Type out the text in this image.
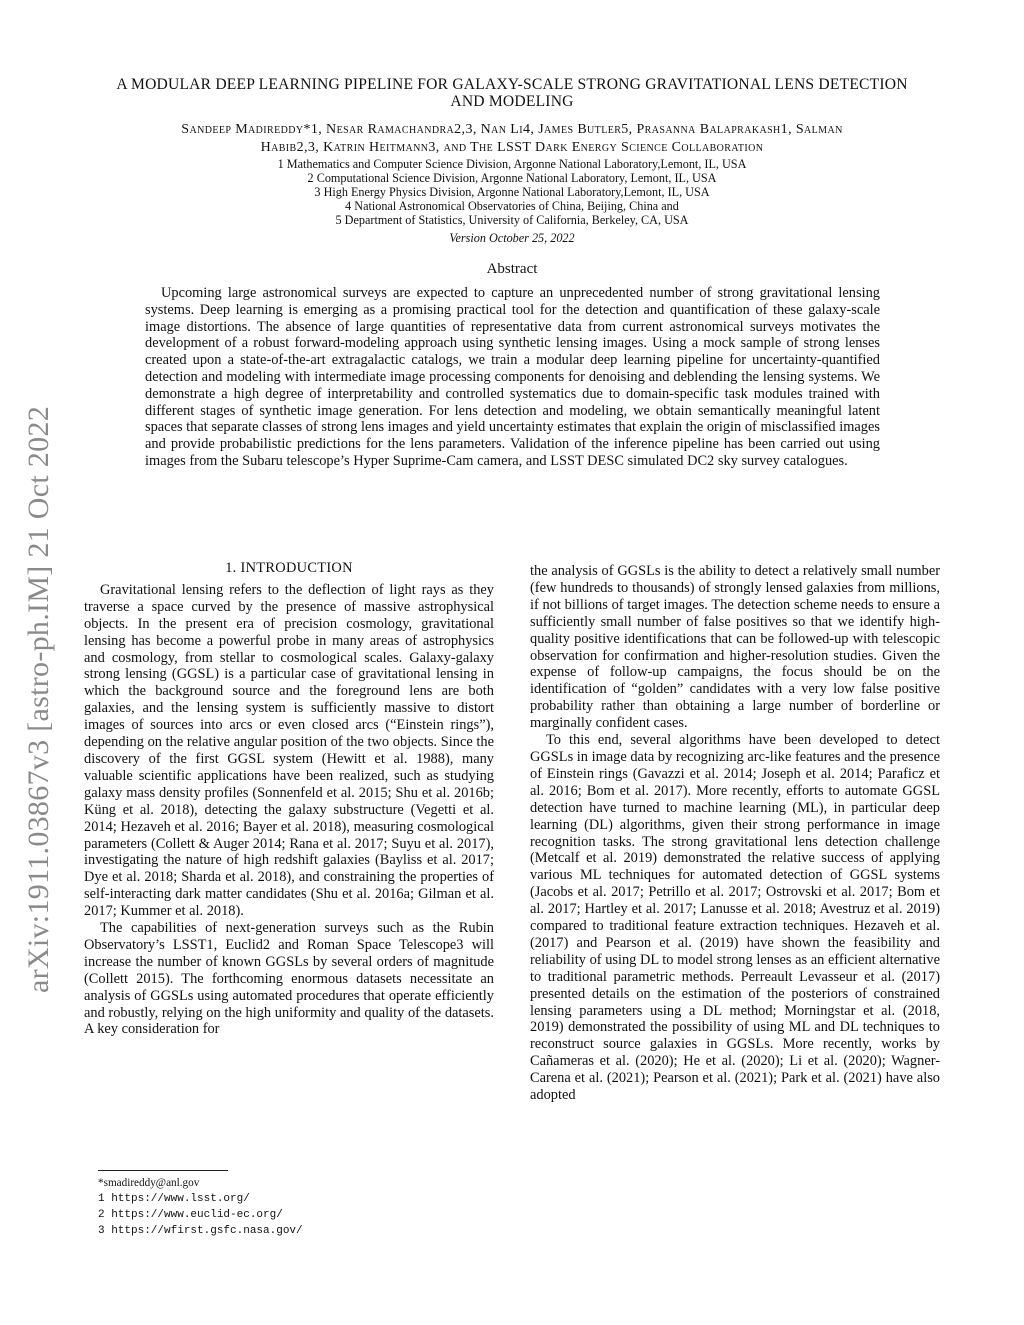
arXiv:1911.03867v3 [astro-ph.IM] 21 Oct 2022
A MODULAR DEEP LEARNING PIPELINE FOR GALAXY-SCALE STRONG GRAVITATIONAL LENS DETECTION AND MODELING
Sandeep Madireddy*1, Nesar Ramachandra2,3, Nan Li4, James Butler5, Prasanna Balaprakash1, Salman
Habib2,3, Katrin Heitmann3, and The LSST Dark Energy Science Collaboration
1 Mathematics and Computer Science Division, Argonne National Laboratory,Lemont, IL, USA
2 Computational Science Division, Argonne National Laboratory, Lemont, IL, USA
3 High Energy Physics Division, Argonne National Laboratory,Lemont, IL, USA
4 National Astronomical Observatories of China, Beijing, China and
5 Department of Statistics, University of California, Berkeley, CA, USA
Version October 25, 2022
Abstract
Upcoming large astronomical surveys are expected to capture an unprecedented number of strong gravitational lensing systems. Deep learning is emerging as a promising practical tool for the detection and quantification of these galaxy-scale image distortions. The absence of large quantities of representative data from current astronomical surveys motivates the development of a robust forward-modeling approach using synthetic lensing images. Using a mock sample of strong lenses created upon a state-of-the-art extragalactic catalogs, we train a modular deep learning pipeline for uncertainty-quantified detection and modeling with intermediate image processing components for denoising and deblending the lensing systems. We demonstrate a high degree of interpretability and controlled systematics due to domain-specific task modules trained with different stages of synthetic image generation. For lens detection and modeling, we obtain semantically meaningful latent spaces that separate classes of strong lens images and yield uncertainty estimates that explain the origin of misclassified images and provide probabilistic predictions for the lens parameters. Validation of the inference pipeline has been carried out using images from the Subaru telescope’s Hyper Suprime-Cam camera, and LSST DESC simulated DC2 sky survey catalogues.
1. INTRODUCTION

Gravitational lensing refers to the deflection of light rays as they traverse a space curved by the presence of massive astrophysical objects. In the present era of precision cosmology, gravitational lensing has become a powerful probe in many areas of astrophysics and cosmology, from stellar to cosmological scales. Galaxy-galaxy strong lensing (GGSL) is a particular case of gravitational lensing in which the background source and the foreground lens are both galaxies, and the lensing system is sufficiently massive to distort images of sources into arcs or even closed arcs (“Einstein rings”), depending on the relative angular position of the two objects. Since the discovery of the first GGSL system (Hewitt et al. 1988), many valuable scientific applications have been realized, such as studying galaxy mass density profiles (Sonnenfeld et al. 2015; Shu et al. 2016b; Küng et al. 2018), detecting the galaxy substructure (Vegetti et al. 2014; Hezaveh et al. 2016; Bayer et al. 2018), measuring cosmological parameters (Collett & Auger 2014; Rana et al. 2017; Suyu et al. 2017), investigating the nature of high redshift galaxies (Bayliss et al. 2017; Dye et al. 2018; Sharda et al. 2018), and constraining the properties of self-interacting dark matter candidates (Shu et al. 2016a; Gilman et al. 2017; Kummer et al. 2018).

The capabilities of next-generation surveys such as the Rubin Observatory’s LSST1, Euclid2 and Roman Space Telescope3 will increase the number of known GGSLs by several orders of magnitude (Collett 2015). The forthcoming enormous datasets necessitate an analysis of GGSLs using automated procedures that operate efficiently and robustly, relying on the high uniformity and quality of the datasets. A key consideration for

the analysis of GGSLs is the ability to detect a relatively small number (few hundreds to thousands) of strongly lensed galaxies from millions, if not billions of target images. The detection scheme needs to ensure a sufficiently small number of false positives so that we identify high-quality positive identifications that can be followed-up with telescopic observation for confirmation and higher-resolution studies. Given the expense of follow-up campaigns, the focus should be on the identification of “golden” candidates with a very low false positive probability rather than obtaining a large number of borderline or marginally confident cases.

To this end, several algorithms have been developed to detect GGSLs in image data by recognizing arc-like features and the presence of Einstein rings (Gavazzi et al. 2014; Joseph et al. 2014; Paraficz et al. 2016; Bom et al. 2017). More recently, efforts to automate GGSL detection have turned to machine learning (ML), in particular deep learning (DL) algorithms, given their strong performance in image recognition tasks. The strong gravitational lens detection challenge (Metcalf et al. 2019) demonstrated the relative success of applying various ML techniques for automated detection of GGSL systems (Jacobs et al. 2017; Petrillo et al. 2017; Ostrovski et al. 2017; Bom et al. 2017; Hartley et al. 2017; Lanusse et al. 2018; Avestruz et al. 2019) compared to traditional feature extraction techniques. Hezaveh et al. (2017) and Pearson et al. (2019) have shown the feasibility and reliability of using DL to model strong lenses as an efficient alternative to traditional parametric methods. Perreault Levasseur et al. (2017) presented details on the estimation of the posteriors of constrained lensing parameters using a DL method; Morningstar et al. (2018, 2019) demonstrated the possibility of using ML and DL techniques to reconstruct source galaxies in GGSLs. More recently, works by Cañameras et al. (2020); He et al. (2020); Li et al. (2020); Wagner-Carena et al. (2021); Pearson et al. (2021); Park et al. (2021) have also adopted

*smadireddy@anl.gov
1 https://www.lsst.org/
2 https://www.euclid-ec.org/
3 https://wfirst.gsfc.nasa.gov/
